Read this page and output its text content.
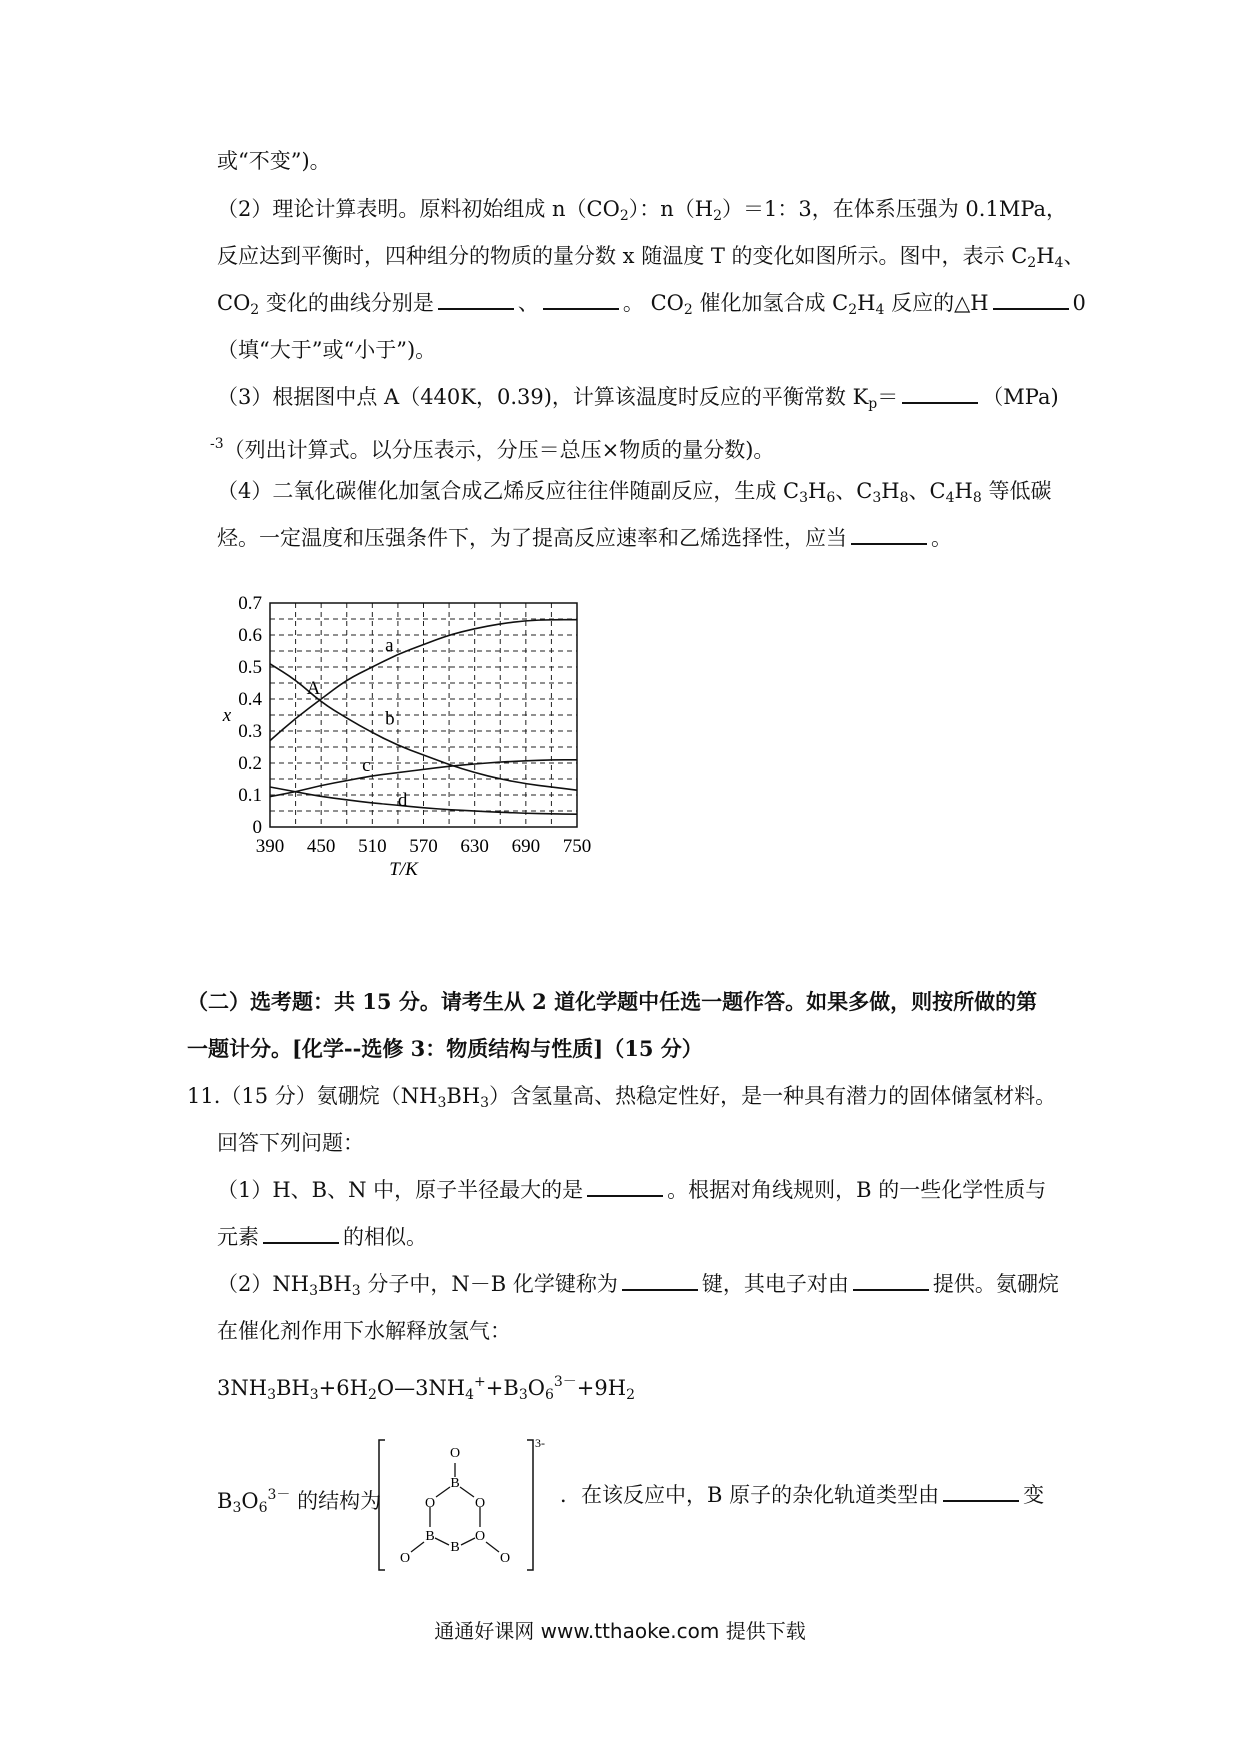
或“不变”)。
（2）理论计算表明。原料初始组成 $n(CO_2)$：$n(H_2)=1$：3，在体系压强为 0.1MPa，
反应达到平衡时，四种组分的物质的量分数 x 随温度 T 的变化如图所示。图中，表示 $C_2H_4$、
$CO_2$ 变化的曲线分别是	、	。 $CO_2$ 催化加氢合成 $C_2H_4$ 反应的△H	0
（填“大于”或“小于”)。
（3）根据图中点 A（440K，0.39)，计算该温度时反应的平衡常数 $K_p=$	（MPa)
$^{-3}$（列出计算式。以分压表示，分压＝总压×物质的量分数)。
（4）二氧化碳催化加氢合成乙烯反应往往伴随副反应，生成 $C_3H_6$、$C_3H_8$、$C_4H_8$ 等低碳
烃。一定温度和压强条件下，为了提高反应速率和乙烯选择性，应当	。
0
0.1
0.2
0.3
0.4
0.5
0.6
0.7
390 450 510 570 630 690 750
x
T/K
a
b
c
d
A
（二）选考题：共 15 分。请考生从 2 道化学题中任选一题作答。如果多做，则按所做的第
一题计分。[化学--选修 3：物质结构与性质]（15 分）
11.（15 分）氨硼烷$(NH_3BH_3)$含氢量高、热稳定性好，是一种具有潜力的固体储氢材料。
回答下列问题：
（1）H、B、N 中，原子半径最大的是	。根据对角线规则，B 的一些化学性质与
元素	的相似。
$(2)NH_3BH_3$ 分子中，N－B 化学键称为	键，其电子对由	提供。氨硼烷
在催化剂作用下水解释放氢气：
$3NH_3BH_3+6H_2O—3NH_4^++B_3O_6^{3-}+9H_2$
$B_3O_6^{3-}$ 的结构为	．在该反应中，B 原子的杂化轨道类型由	变
3-
O
B
O	O
B	O
B
O	O
通通好课网 www.tthaoke.com 提供下载
